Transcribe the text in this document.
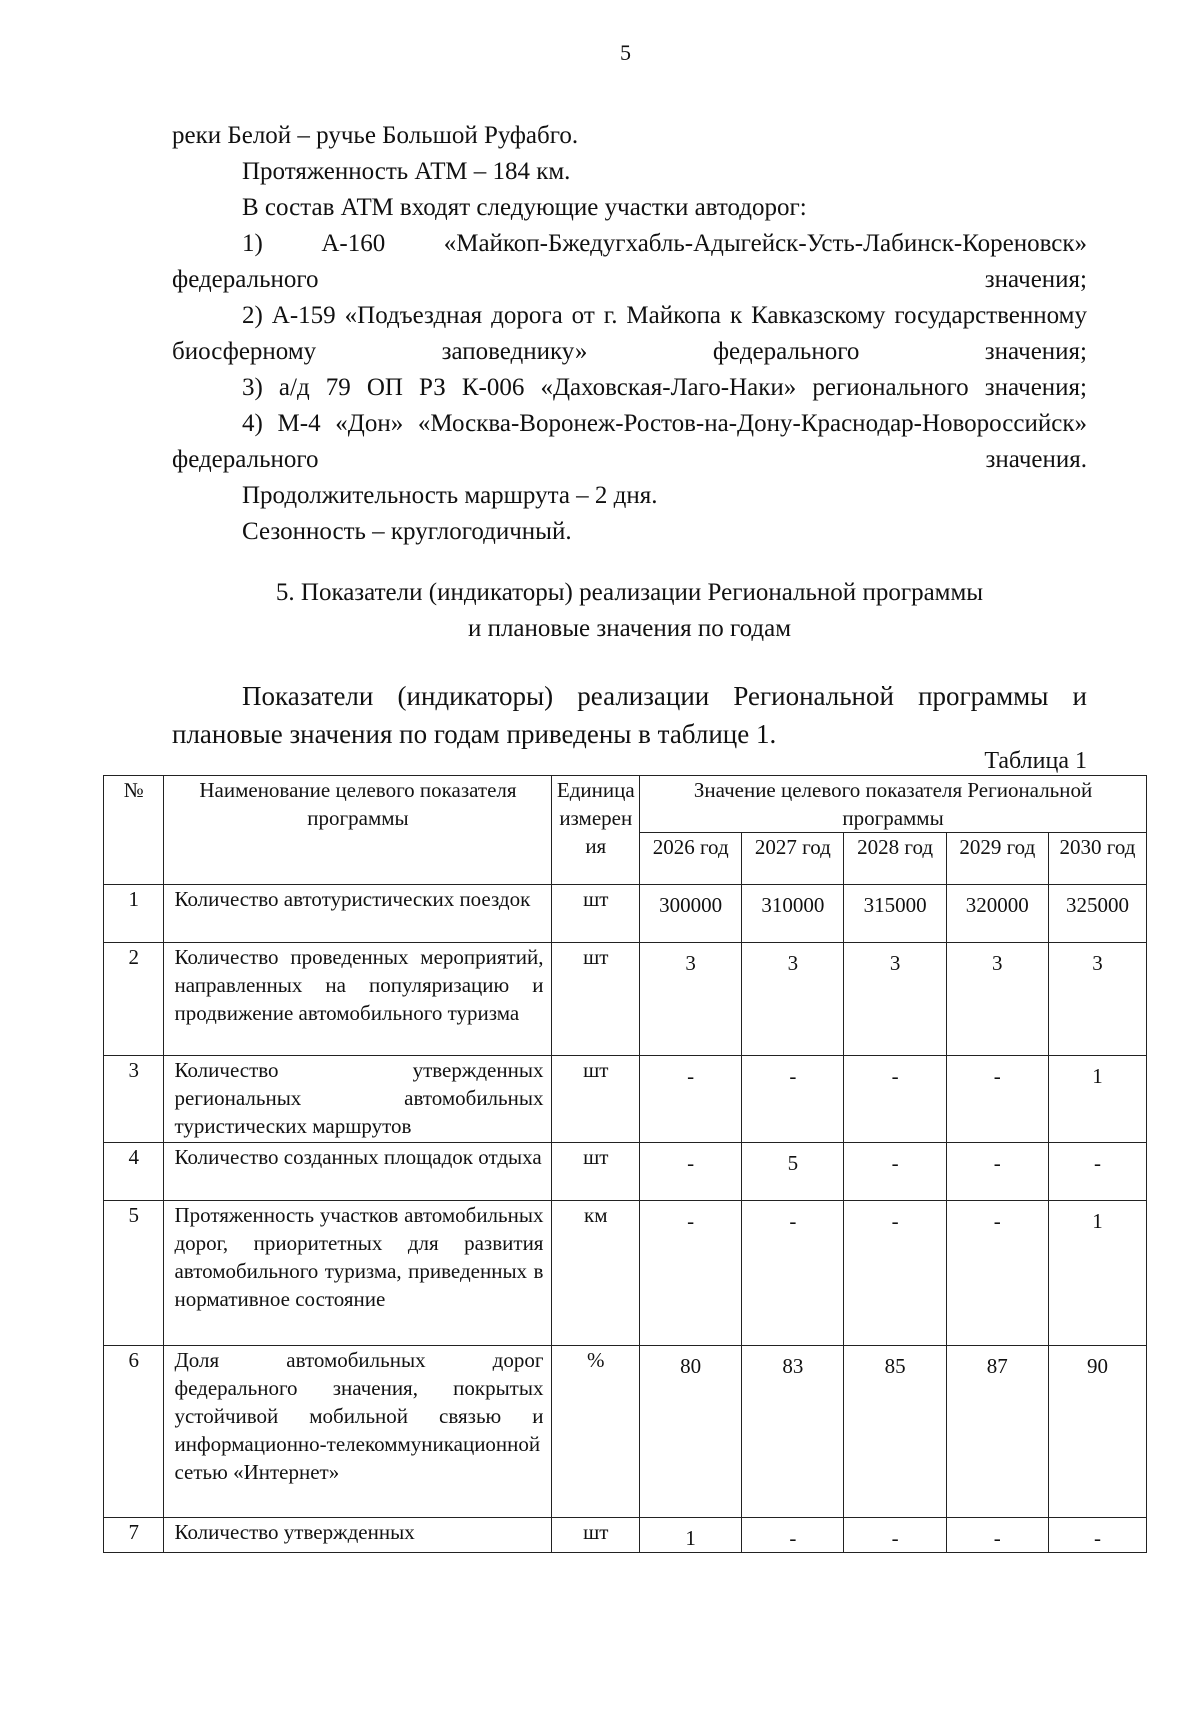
5

реки Белой – ручье Большой Руфабго.

Протяженность АТМ – 184 км.

В состав АТМ входят следующие участки автодорог:

1) А-160 «Майкоп-Бжедугхабль-Адыгейск-Усть-Лабинск-Кореновск» федерального значения;

2) А-159 «Подъездная дорога от г. Майкопа к Кавказскому государственному биосферному заповеднику» федерального значения;

3) а/д 79 ОП РЗ К-006 «Даховская-Лаго-Наки» регионального значения;

4) М-4 «Дон» «Москва-Воронеж-Ростов-на-Дону-Краснодар-Новороссийск» федерального значения.

Продолжительность маршрута – 2 дня.

Сезонность – круглогодичный.

5. Показатели (индикаторы) реализации Региональной программы
и плановые значения по годам

Показатели (индикаторы) реализации Региональной программы и плановые значения по годам приведены в таблице 1.

Таблица 1
№	Наименование целевого показателя программы	Единица измерения	Значение целевого показателя Региональной программы				
			2026 год	2027 год	2028 год	2029 год	2030 год
1	Количество автотуристических поездок	шт	300000	310000	315000	320000	325000
2	Количество проведенных мероприятий, направленных на популяризацию и продвижение автомобильного туризма	шт	3	3	3	3	3
3	Количество утвержденных региональных автомобильных туристических маршрутов	шт	-	-	-	-	1
4	Количество созданных площадок отдыха	шт	-	5	-	-	-
5	Протяженность участков автомобильных дорог, приоритетных для развития автомобильного туризма, приведенных в нормативное состояние	км	-	-	-	-	1
6	Доля автомобильных дорог федерального значения, покрытых устойчивой мобильной связью и информационно-телекоммуникационной сетью «Интернет»	%	80	83	85	87	90
7	Количество утвержденных	шт	1	-	-	-	-
